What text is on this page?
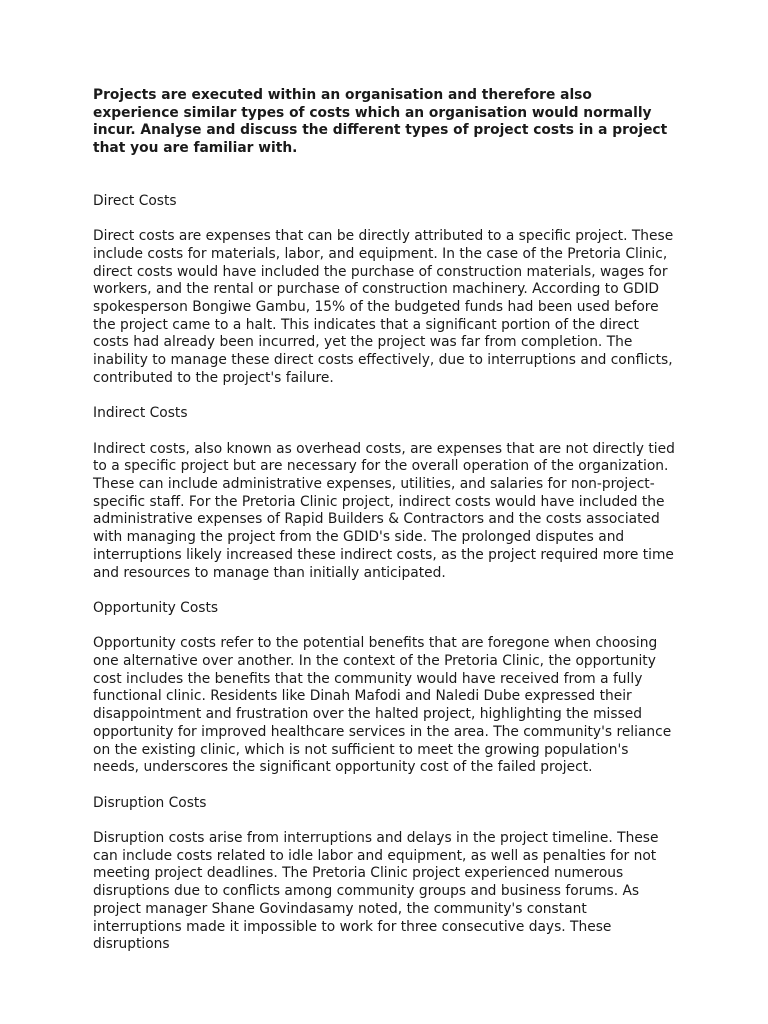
Projects are executed within an organisation and therefore also experience similar types of costs which an organisation would normally incur. Analyse and discuss the different types of project costs in a project that you are familiar with.

Direct Costs

Direct costs are expenses that can be directly attributed to a specific project. These include costs for materials, labor, and equipment. In the case of the Pretoria Clinic, direct costs would have included the purchase of construction materials, wages for workers, and the rental or purchase of construction machinery. According to GDID spokesperson Bongiwe Gambu, 15% of the budgeted funds had been used before the project came to a halt. This indicates that a significant portion of the direct costs had already been incurred, yet the project was far from completion. The inability to manage these direct costs effectively, due to interruptions and conflicts, contributed to the project's failure.

Indirect Costs

Indirect costs, also known as overhead costs, are expenses that are not directly tied to a specific project but are necessary for the overall operation of the organization. These can include administrative expenses, utilities, and salaries for non-project-specific staff. For the Pretoria Clinic project, indirect costs would have included the administrative expenses of Rapid Builders & Contractors and the costs associated with managing the project from the GDID's side. The prolonged disputes and interruptions likely increased these indirect costs, as the project required more time and resources to manage than initially anticipated.

Opportunity Costs

Opportunity costs refer to the potential benefits that are foregone when choosing one alternative over another. In the context of the Pretoria Clinic, the opportunity cost includes the benefits that the community would have received from a fully functional clinic. Residents like Dinah Mafodi and Naledi Dube expressed their disappointment and frustration over the halted project, highlighting the missed opportunity for improved healthcare services in the area. The community's reliance on the existing clinic, which is not sufficient to meet the growing population's needs, underscores the significant opportunity cost of the failed project.

Disruption Costs

Disruption costs arise from interruptions and delays in the project timeline. These can include costs related to idle labor and equipment, as well as penalties for not meeting project deadlines. The Pretoria Clinic project experienced numerous disruptions due to conflicts among community groups and business forums. As project manager Shane Govindasamy noted, the community's constant interruptions made it impossible to work for three consecutive days. These disruptions
